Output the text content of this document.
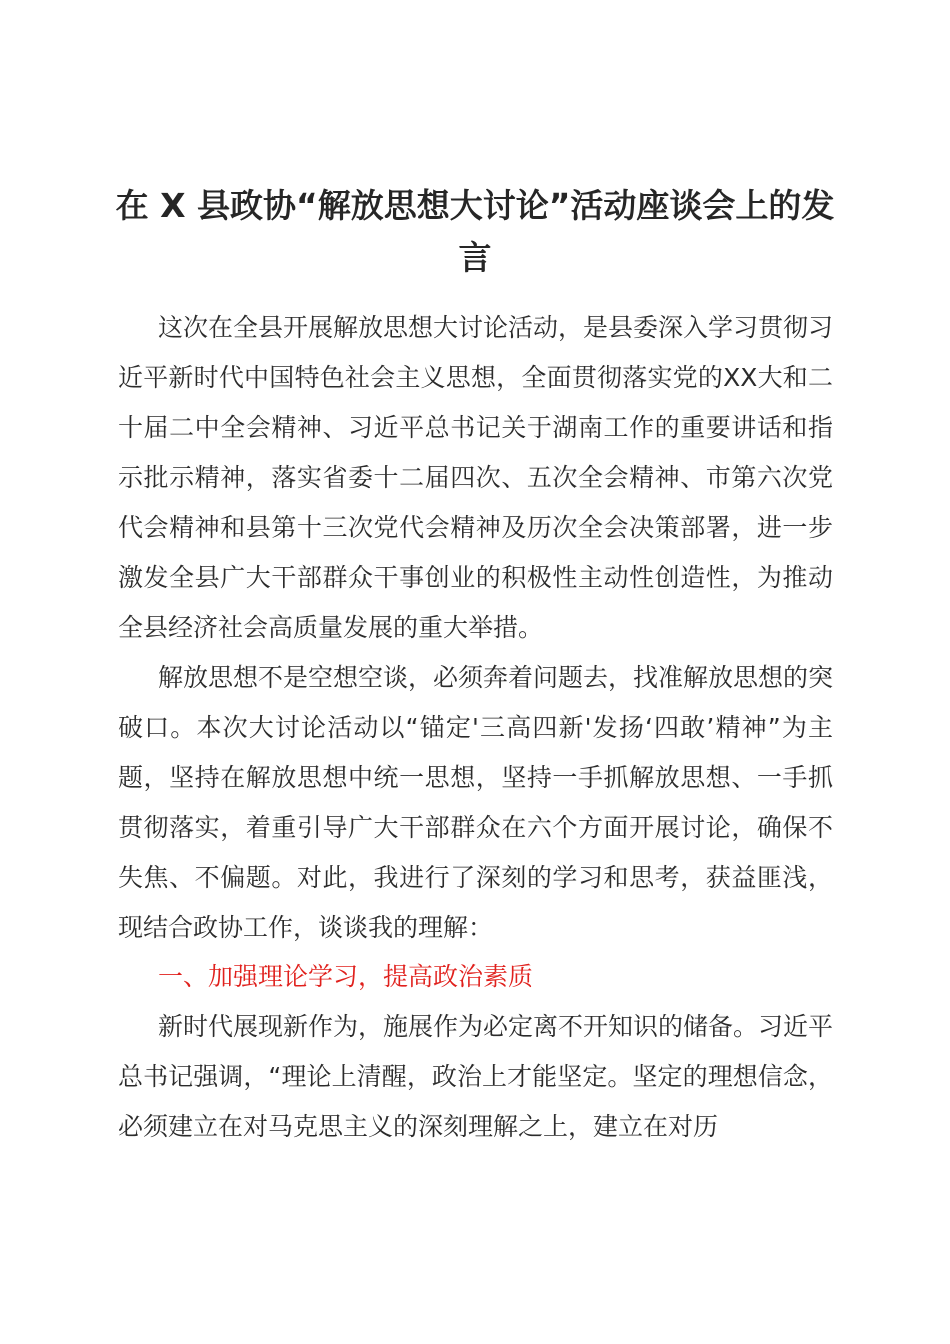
在 X 县政协“解放思想大讨论”活动座谈会上的发言

这次在全县开展解放思想大讨论活动，是县委深入学习贯彻习近平新时代中国特色社会主义思想，全面贯彻落实党的XX大和二十届二中全会精神、习近平总书记关于湖南工作的重要讲话和指示批示精神，落实省委十二届四次、五次全会精神、市第六次党代会精神和县第十三次党代会精神及历次全会决策部署，进一步激发全县广大干部群众干事创业的积极性主动性创造性，为推动全县经济社会高质量发展的重大举措。

解放思想不是空想空谈，必须奔着问题去，找准解放思想的突破口。本次大讨论活动以“锚定'三高四新'发扬‘四敢’精神”为主题，坚持在解放思想中统一思想，坚持一手抓解放思想、一手抓贯彻落实，着重引导广大干部群众在六个方面开展讨论，确保不失焦、不偏题。对此，我进行了深刻的学习和思考，获益匪浅，现结合政协工作，谈谈我的理解：

一、加强理论学习，提高政治素质

新时代展现新作为，施展作为必定离不开知识的储备。习近平总书记强调，“理论上清醒，政治上才能坚定。坚定的理想信念，必须建立在对马克思主义的深刻理解之上，建立在对历
